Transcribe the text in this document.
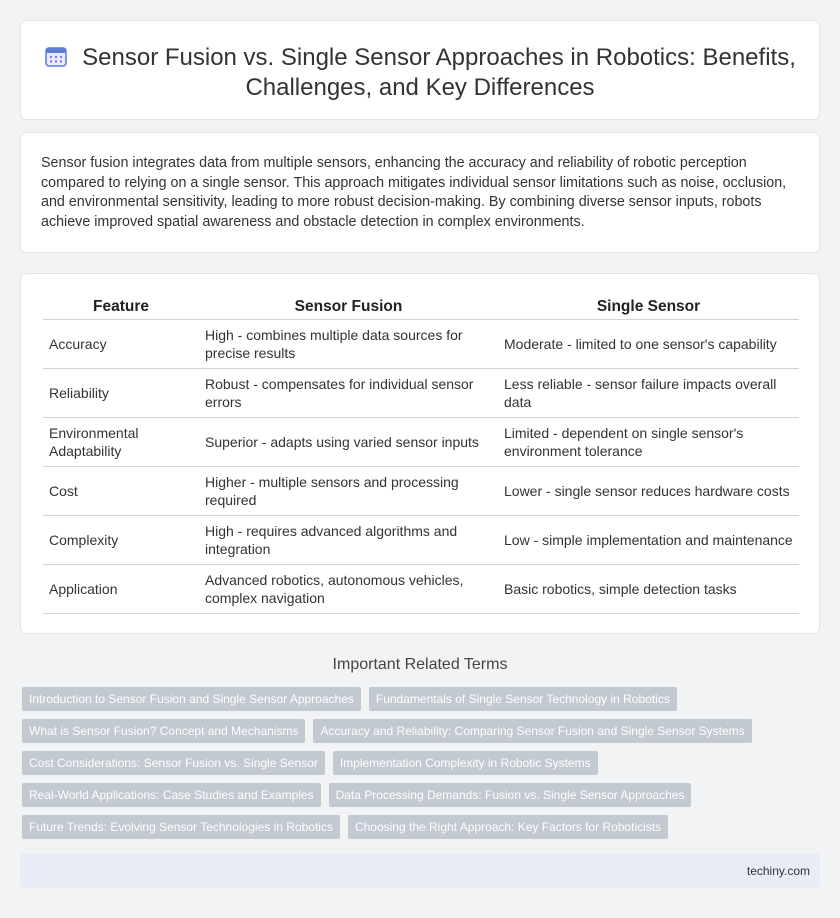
Sensor Fusion vs. Single Sensor Approaches in Robotics: Benefits, Challenges, and Key Differences

Sensor fusion integrates data from multiple sensors, enhancing the accuracy and reliability of robotic perception compared to relying on a single sensor. This approach mitigates individual sensor limitations such as noise, occlusion, and environmental sensitivity, leading to more robust decision-making. By combining diverse sensor inputs, robots achieve improved spatial awareness and obstacle detection in complex environments.

Feature	Sensor Fusion	Single Sensor
Accuracy	High - combines multiple data sources for precise results	Moderate - limited to one sensor's capability
Reliability	Robust - compensates for individual sensor errors	Less reliable - sensor failure impacts overall data
Environmental Adaptability	Superior - adapts using varied sensor inputs	Limited - dependent on single sensor's environment tolerance
Cost	Higher - multiple sensors and processing required	Lower - single sensor reduces hardware costs
Complexity	High - requires advanced algorithms and integration	Low - simple implementation and maintenance
Application	Advanced robotics, autonomous vehicles, complex navigation	Basic robotics, simple detection tasks
Important Related Terms
Introduction to Sensor Fusion and Single Sensor Approaches	Fundamentals of Single Sensor Technology in Robotics
What is Sensor Fusion? Concept and Mechanisms	Accuracy and Reliability: Comparing Sensor Fusion and Single Sensor Systems
Cost Considerations: Sensor Fusion vs. Single Sensor	Implementation Complexity in Robotic Systems
Real-World Applications: Case Studies and Examples	Data Processing Demands: Fusion vs. Single Sensor Approaches
Future Trends: Evolving Sensor Technologies in Robotics	Choosing the Right Approach: Key Factors for Roboticists
techiny.com
